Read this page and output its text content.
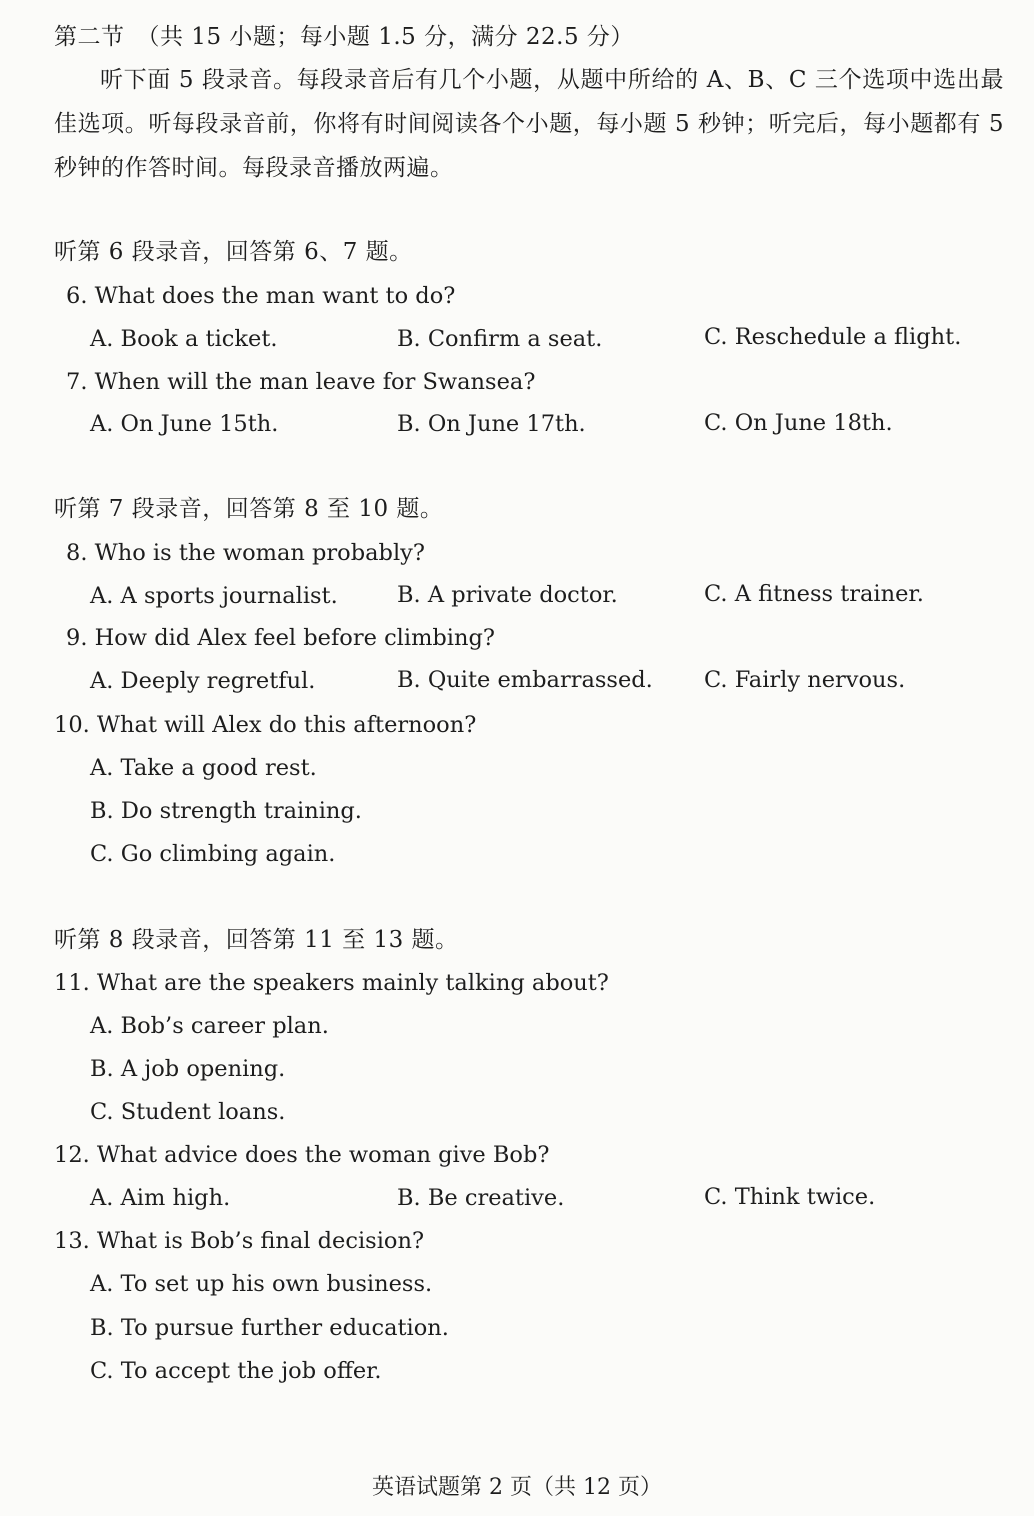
第二节　（共 15 小题；每小题 1.5 分，满分 22.5 分）
听下面 5 段录音。每段录音后有几个小题，从题中所给的 A、B、C 三个选项中选出最佳选项。听每段录音前，你将有时间阅读各个小题，每小题 5 秒钟；听完后，每小题都有 5 秒钟的作答时间。每段录音播放两遍。
听第 6 段录音，回答第 6、7 题。
6. What does the man want to do?
A. Book a ticket.	B. Confirm a seat.	C. Reschedule a flight.
7. When will the man leave for Swansea?
A. On June 15th.	B. On June 17th.	C. On June 18th.
听第 7 段录音，回答第 8 至 10 题。
8. Who is the woman probably?
A. A sports journalist.	B. A private doctor.	C. A fitness trainer.
9. How did Alex feel before climbing?
A. Deeply regretful.	B. Quite embarrassed. C. Fairly nervous.
10. What will Alex do this afternoon?
A. Take a good rest.
B. Do strength training.
C. Go climbing again.
听第 8 段录音，回答第 11 至 13 题。
11. What are the speakers mainly talking about?
A. Bob’s career plan.
B. A job opening.
C. Student loans.
12. What advice does the woman give Bob?
A. Aim high.	B. Be creative.	C. Think twice.
13. What is Bob’s final decision?
A. To set up his own business.
B. To pursue further education.
C. To accept the job offer.
英语试题第 2 页（共 12 页）
